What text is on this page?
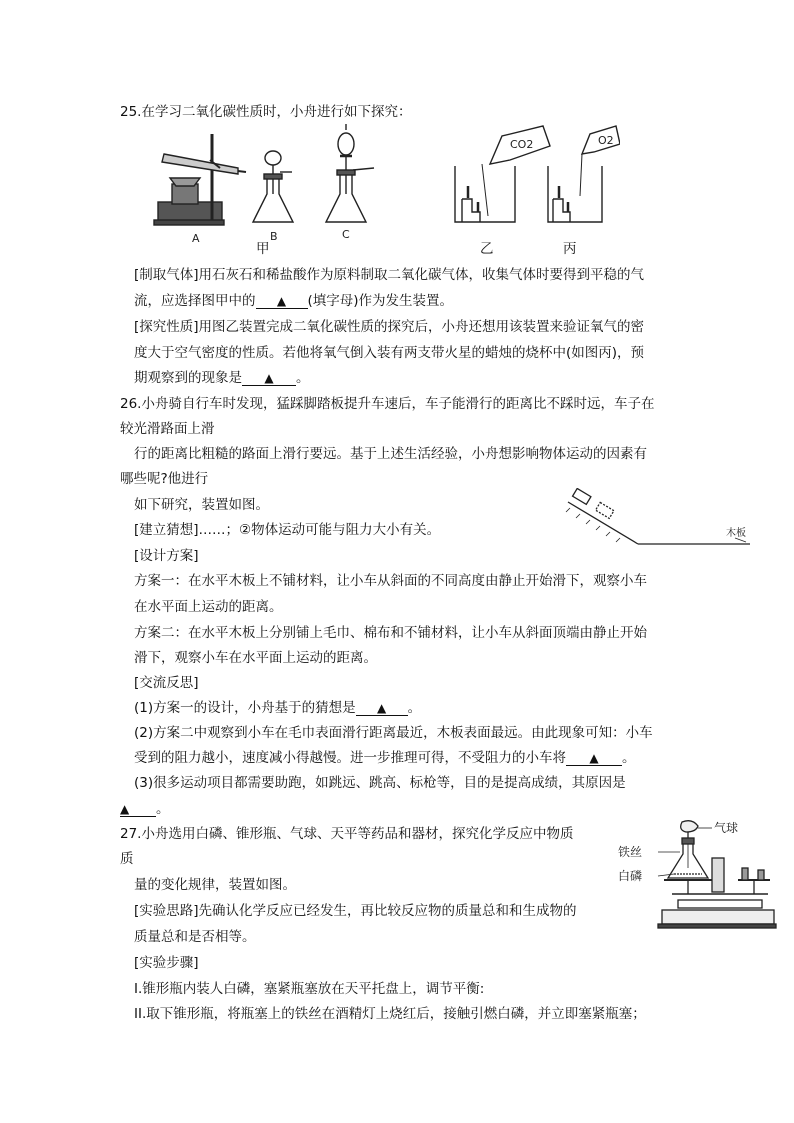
25.在学习二氧化碳性质时，小舟进行如下探究：
A	B	C
CO2	O2
甲	乙	丙
[制取气体]用石灰石和稀盐酸作为原料制取二氧化碳气体，收集气体时要得到平稳的气
流，应选择图甲中的 ▲ (填字母)作为发生装置。
[探究性质]用图乙装置完成二氧化碳性质的探究后，小舟还想用该装置来验证氧气的密
度大于空气密度的性质。若他将氧气倒入装有两支带火星的蜡烛的烧杯中(如图丙)，预
期观察到的现象是 ▲ 。
26.小舟骑自行车时发现，猛踩脚踏板提升车速后，车子能滑行的距离比不踩时远，车子在
较光滑路面上滑
行的距离比粗糙的路面上滑行要远。基于上述生活经验，小舟想影响物体运动的因素有
哪些呢?他进行
如下研究，装置如图。
[建立猜想]……；②物体运动可能与阻力大小有关。	木板
[设计方案]
方案一：在水平木板上不铺材料，让小车从斜面的不同高度由静止开始滑下，观察小车
在水平面上运动的距离。
方案二：在水平木板上分别铺上毛巾、棉布和不铺材料，让小车从斜面顶端由静止开始
滑下，观察小车在水平面上运动的距离。
[交流反思]
(1)方案一的设计，小舟基于的猜想是 ▲ 。
(2)方案二中观察到小车在毛巾表面滑行距离最近，木板表面最远。由此现象可知：小车
受到的阻力越小，速度减小得越慢。进一步推理可得，不受阻力的小车将 ▲ 。
(3)很多运动项目都需要助跑，如跳远、跳高、标枪等，目的是提高成绩，其原因是
▲ 。
27.小舟选用白磷、锥形瓶、气球、天平等药品和器材，探究化学反应中物质
质
量的变化规律，装置如图。
[实验思路]先确认化学反应已经发生，再比较反应物的质量总和和生成物的
质量总和是否相等。
[实验步骤]
I.锥形瓶内装人白磷，塞紧瓶塞放在天平托盘上，调节平衡:
II.取下锥形瓶，将瓶塞上的铁丝在酒精灯上烧红后，接触引燃白磷，并立即塞紧瓶塞；
气球
铁丝
白磷
